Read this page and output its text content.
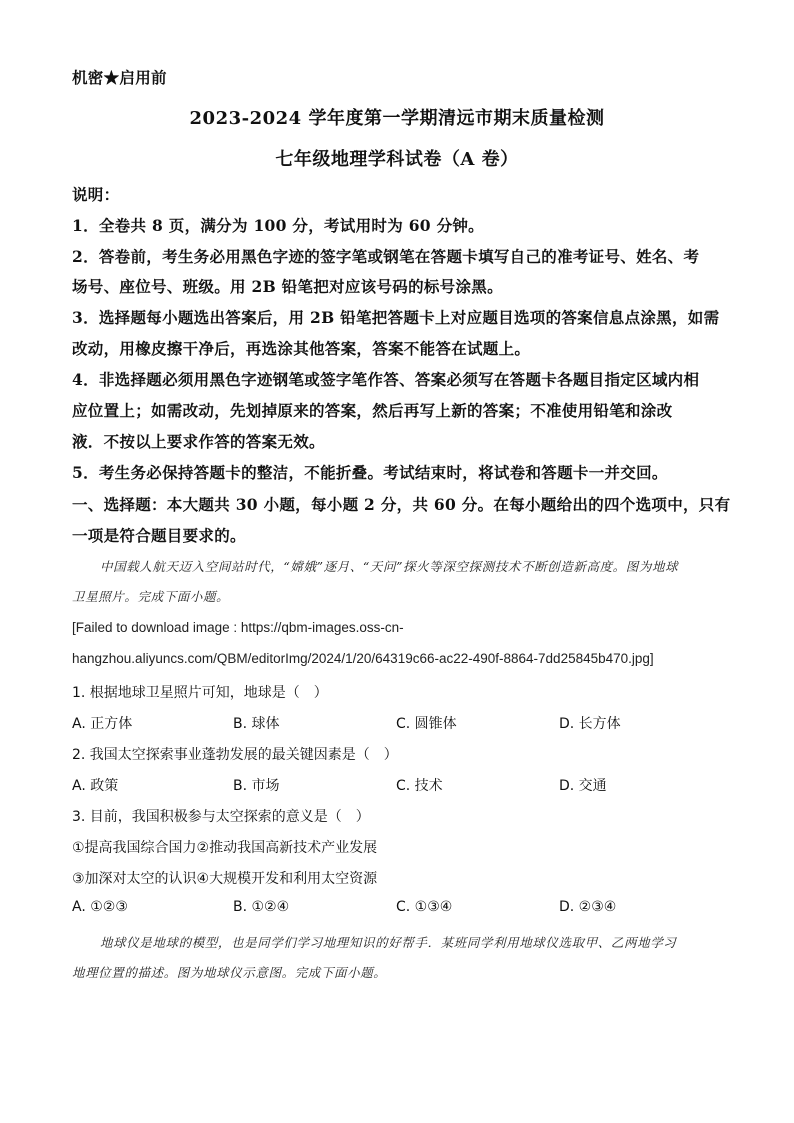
机密★启用前
2023-2024 学年度第一学期清远市期末质量检测
七年级地理学科试卷（A 卷）
说明：
1．全卷共 8 页，满分为 100 分，考试用时为 60 分钟。
2．答卷前，考生务必用黑色字迹的签字笔或钢笔在答题卡填写自己的准考证号、姓名、考
场号、座位号、班级。用 2B 铅笔把对应该号码的标号涂黑。
3．选择题每小题选出答案后，用 2B 铅笔把答题卡上对应题目选项的答案信息点涂黑，如需
改动，用橡皮擦干净后，再选涂其他答案，答案不能答在试题上。
4．非选择题必须用黑色字迹钢笔或签字笔作答、答案必须写在答题卡各题目指定区域内相
应位置上；如需改动，先划掉原来的答案，然后再写上新的答案；不准使用铅笔和涂改
液．不按以上要求作答的答案无效。
5．考生务必保持答题卡的整洁，不能折叠。考试结束时，将试卷和答题卡一并交回。
一、选择题：本大题共 30 小题，每小题 2 分，共 60 分。在每小题给出的四个选项中，只有
一项是符合题目要求的。
中国载人航天迈入空间站时代，“嫦娥”逐月、“天问”探火等深空探测技术不断创造新高度。图为地球
卫星照片。完成下面小题。
[Failed to download image : https://qbm-images.oss-cn-
hangzhou.aliyuncs.com/QBM/editorImg/2024/1/20/64319c66-ac22-490f-8864-7dd25845b470.jpg]
1. 根据地球卫星照片可知，地球是（　）
A. 正方体	B. 球体	C. 圆锥体	D. 长方体
2. 我国太空探索事业蓬勃发展的最关键因素是（　）
A. 政策	B. 市场	C. 技术	D. 交通
3. 目前，我国积极参与太空探索的意义是（　）
①提高我国综合国力②推动我国高新技术产业发展
③加深对太空的认识④大规模开发和利用太空资源
A. ①②③	B. ①②④	C. ①③④	D. ②③④
地球仪是地球的模型，也是同学们学习地理知识的好帮手．某班同学利用地球仪选取甲、乙两地学习
地理位置的描述。图为地球仪示意图。完成下面小题。
